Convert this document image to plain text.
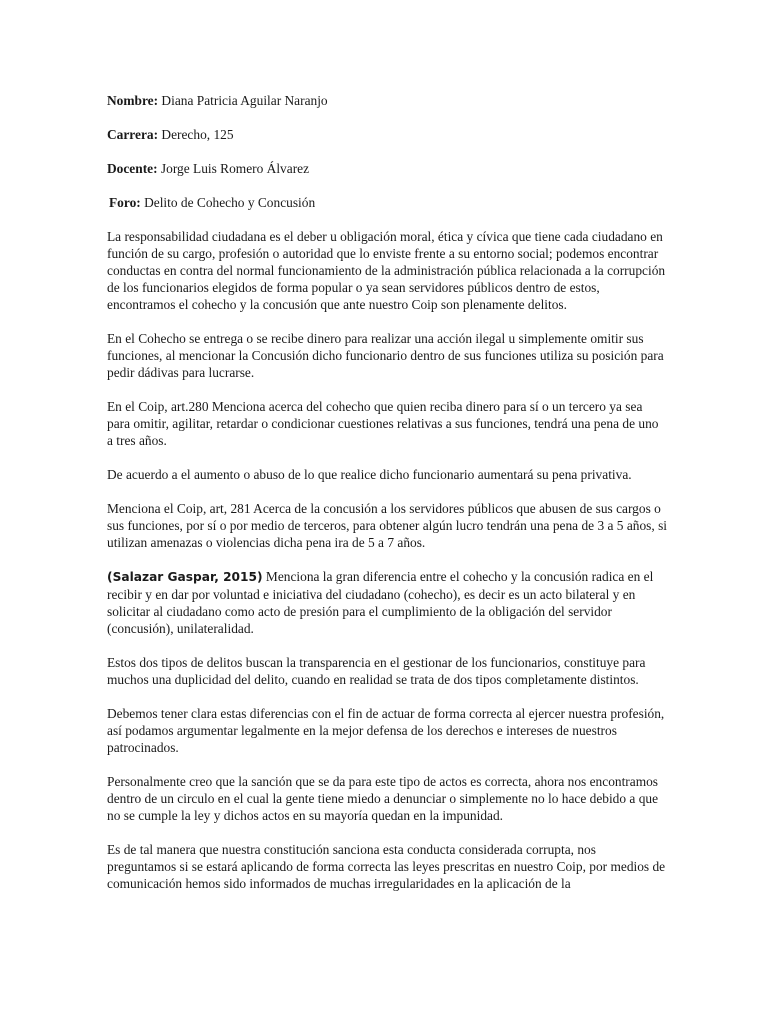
Nombre: Diana Patricia Aguilar Naranjo
Carrera: Derecho, 125
Docente: Jorge Luis Romero Álvarez
Foro: Delito de Cohecho y Concusión

La responsabilidad ciudadana es el deber u obligación moral, ética y cívica que tiene cada ciudadano en función de su cargo, profesión o autoridad que lo enviste frente a su entorno social; podemos encontrar conductas en contra del normal funcionamiento de la administración pública relacionada a la corrupción de los funcionarios elegidos de forma popular o ya sean servidores públicos dentro de estos, encontramos el cohecho y la concusión que ante nuestro Coip son plenamente delitos.

En el Cohecho se entrega o se recibe dinero para realizar una acción ilegal u simplemente omitir sus funciones, al mencionar la Concusión dicho funcionario dentro de sus funciones utiliza su posición para pedir dádivas para lucrarse.

En el Coip, art.280 Menciona acerca del cohecho que quien reciba dinero para sí o un tercero ya sea para omitir, agilitar, retardar o condicionar cuestiones relativas a sus funciones, tendrá una pena de uno a tres años.

De acuerdo a el aumento o abuso de lo que realice dicho funcionario aumentará su pena privativa.

Menciona el Coip, art, 281 Acerca de la concusión a los servidores públicos que abusen de sus cargos o sus funciones, por sí o por medio de terceros, para obtener algún lucro tendrán una pena de 3 a 5 años, si utilizan amenazas o violencias dicha pena ira de 5 a 7 años.

(Salazar Gaspar, 2015) Menciona la gran diferencia entre el cohecho y la concusión radica en el recibir y en dar por voluntad e iniciativa del ciudadano (cohecho), es decir es un acto bilateral y en solicitar al ciudadano como acto de presión para el cumplimiento de la obligación del servidor (concusión), unilateralidad.

Estos dos tipos de delitos buscan la transparencia en el gestionar de los funcionarios, constituye para muchos una duplicidad del delito, cuando en realidad se trata de dos tipos completamente distintos.

Debemos tener clara estas diferencias con el fin de actuar de forma correcta al ejercer nuestra profesión, así podamos argumentar legalmente en la mejor defensa de los derechos e intereses de nuestros patrocinados.

Personalmente creo que la sanción que se da para este tipo de actos es correcta, ahora nos encontramos dentro de un circulo en el cual la gente tiene miedo a denunciar o simplemente no lo hace debido a que no se cumple la ley y dichos actos en su mayoría quedan en la impunidad.

Es de tal manera que nuestra constitución sanciona esta conducta considerada corrupta, nos preguntamos si se estará aplicando de forma correcta las leyes prescritas en nuestro Coip, por medios de comunicación hemos sido informados de muchas irregularidades en la aplicación de la
